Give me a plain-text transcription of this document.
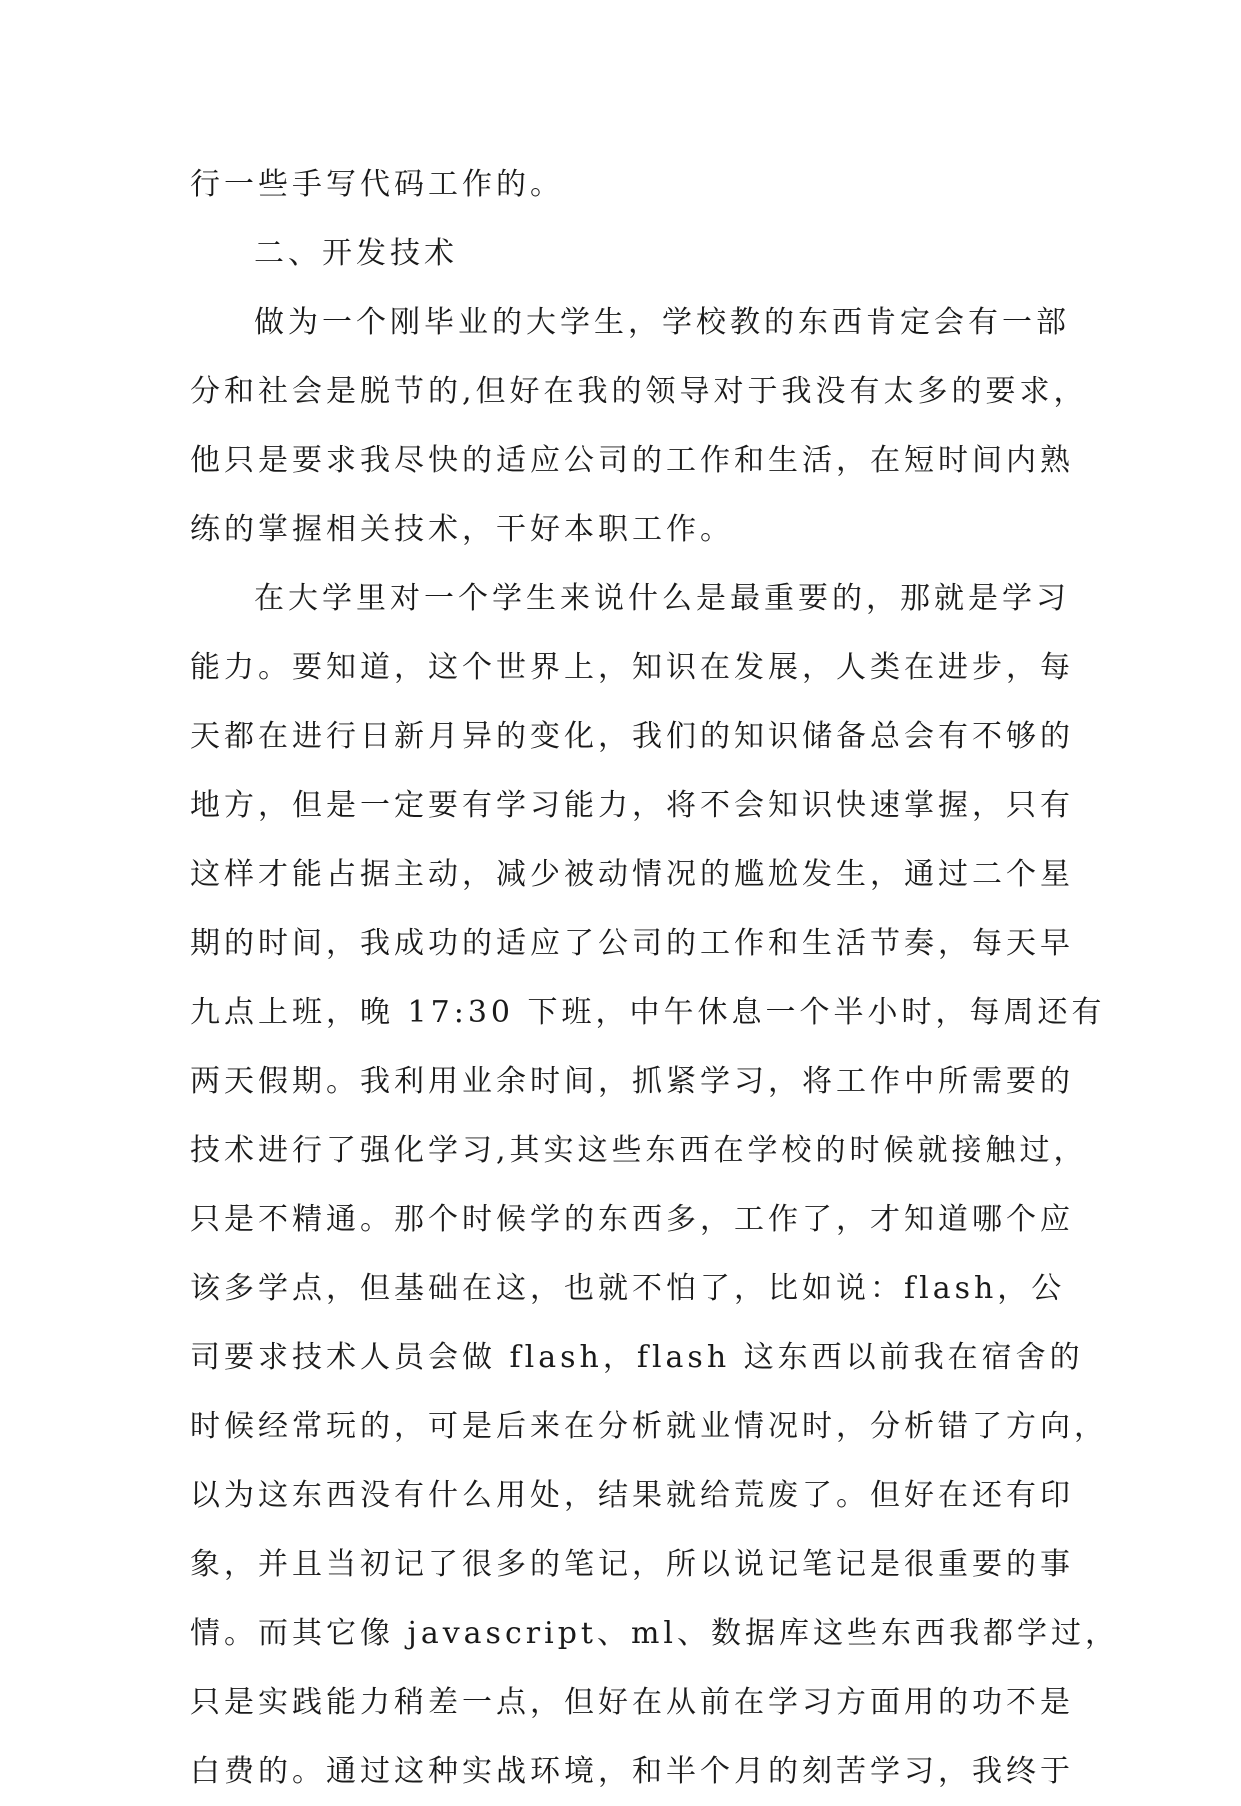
行一些手写代码工作的。
二、开发技术
做为一个刚毕业的大学生，学校教的东西肯定会有一部
分和社会是脱节的,但好在我的领导对于我没有太多的要求，
他只是要求我尽快的适应公司的工作和生活，在短时间内熟
练的掌握相关技术，干好本职工作。
在大学里对一个学生来说什么是最重要的，那就是学习
能力。要知道，这个世界上，知识在发展，人类在进步，每
天都在进行日新月异的变化，我们的知识储备总会有不够的
地方，但是一定要有学习能力，将不会知识快速掌握，只有
这样才能占据主动，减少被动情况的尴尬发生，通过二个星
期的时间，我成功的适应了公司的工作和生活节奏，每天早
九点上班，晚 17:30 下班，中午休息一个半小时，每周还有
两天假期。我利用业余时间，抓紧学习，将工作中所需要的
技术进行了强化学习,其实这些东西在学校的时候就接触过，
只是不精通。那个时候学的东西多，工作了，才知道哪个应
该多学点，但基础在这，也就不怕了，比如说：flash，公
司要求技术人员会做 flash，flash 这东西以前我在宿舍的
时候经常玩的，可是后来在分析就业情况时，分析错了方向，
以为这东西没有什么用处，结果就给荒废了。但好在还有印
象，并且当初记了很多的笔记，所以说记笔记是很重要的事
情。而其它像 javascript、ml、数据库这些东西我都学过，
只是实践能力稍差一点，但好在从前在学习方面用的功不是
白费的。通过这种实战环境，和半个月的刻苦学习，我终于
